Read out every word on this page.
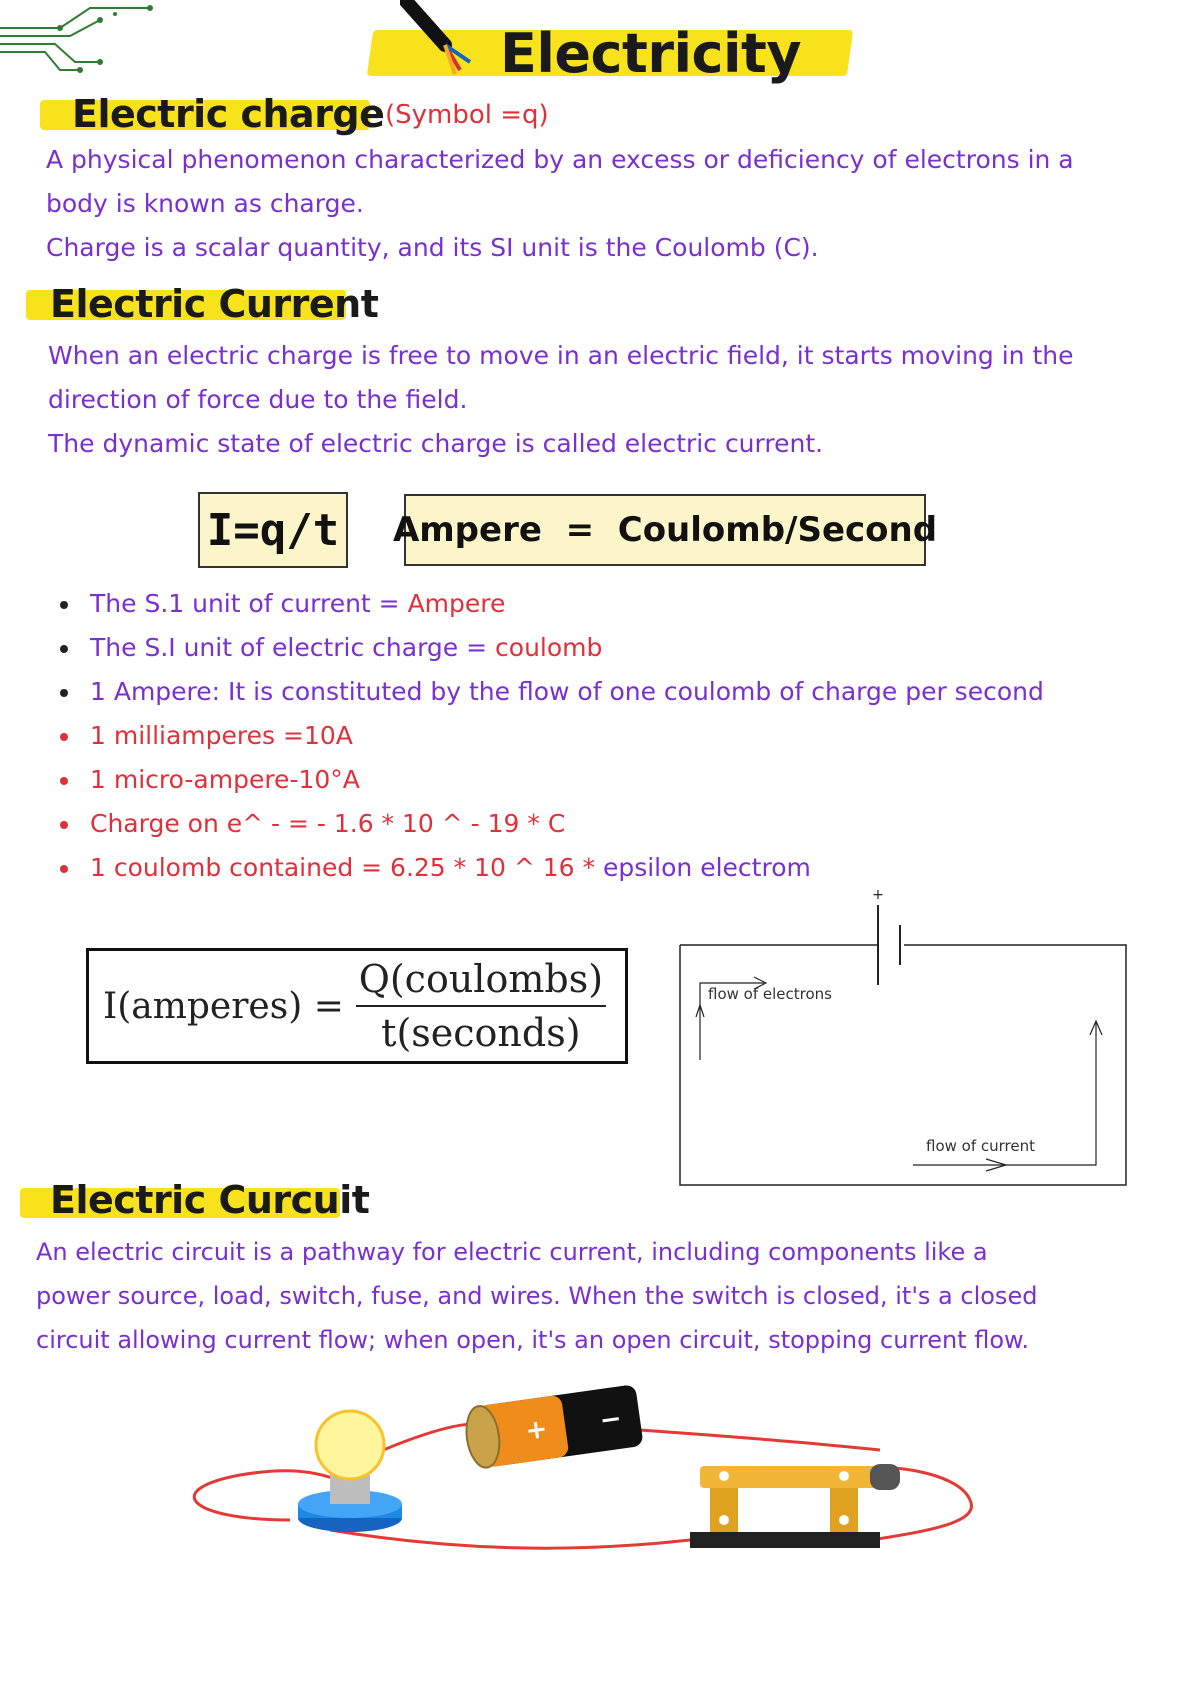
Electricity
Electric charge (Symbol =q)
A physical phenomenon characterized by an excess or deficiency of electrons in a
body is known as charge.
Charge is a scalar quantity, and its SI unit is the Coulomb (C).
Electric Current
When an electric charge is free to move in an electric field, it starts moving in the
direction of force due to the field.
The dynamic state of electric charge is called electric current.
I=q/t Ampere  =  Coulomb/Second
The S.1 unit of current = Ampere
The S.I unit of electric charge = coulomb
1 Ampere: It is constituted by the flow of one coulomb of charge per second
1 milliamperes =10A
1 micro-ampere-10°A
Charge on e^ - = - 1.6 * 10 ^ - 19 * C
1 coulomb contained = 6.25 * 10 ^ 16 * epsilon electrom
I(amperes) =
Q(coulombs)
t(seconds)
+
flow of electrons
flow of current
Electric Curcuit
An electric circuit is a pathway for electric current, including components like a
power source, load, switch, fuse, and wires. When the switch is closed, it's a closed
circuit allowing current flow; when open, it's an open circuit, stopping current flow.
+ −
